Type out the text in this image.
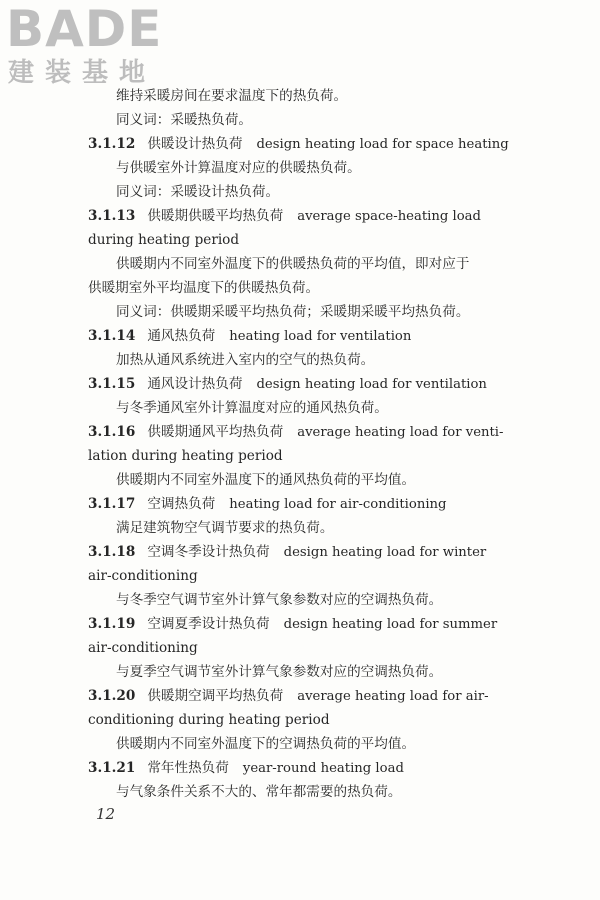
BADE
建装基地
维持采暖房间在要求温度下的热负荷。
同义词：采暖热负荷。
3.1.12 供暖设计热负荷 design heating load for space heating
与供暖室外计算温度对应的供暖热负荷。
同义词：采暖设计热负荷。
3.1.13 供暖期供暖平均热负荷 average space-heating load
during heating period
供暖期内不同室外温度下的供暖热负荷的平均值，即对应于
供暖期室外平均温度下的供暖热负荷。
同义词：供暖期采暖平均热负荷；采暖期采暖平均热负荷。
3.1.14 通风热负荷 heating load for ventilation
加热从通风系统进入室内的空气的热负荷。
3.1.15 通风设计热负荷 design heating load for ventilation
与冬季通风室外计算温度对应的通风热负荷。
3.1.16 供暖期通风平均热负荷 average heating load for venti-
lation during heating period
供暖期内不同室外温度下的通风热负荷的平均值。
3.1.17 空调热负荷 heating load for air-conditioning
满足建筑物空气调节要求的热负荷。
3.1.18 空调冬季设计热负荷 design heating load for winter
air-conditioning
与冬季空气调节室外计算气象参数对应的空调热负荷。
3.1.19 空调夏季设计热负荷 design heating load for summer
air-conditioning
与夏季空气调节室外计算气象参数对应的空调热负荷。
3.1.20 供暖期空调平均热负荷 average heating load for air-
conditioning during heating period
供暖期内不同室外温度下的空调热负荷的平均值。
3.1.21 常年性热负荷 year-round heating load
与气象条件关系不大的、常年都需要的热负荷。
12
